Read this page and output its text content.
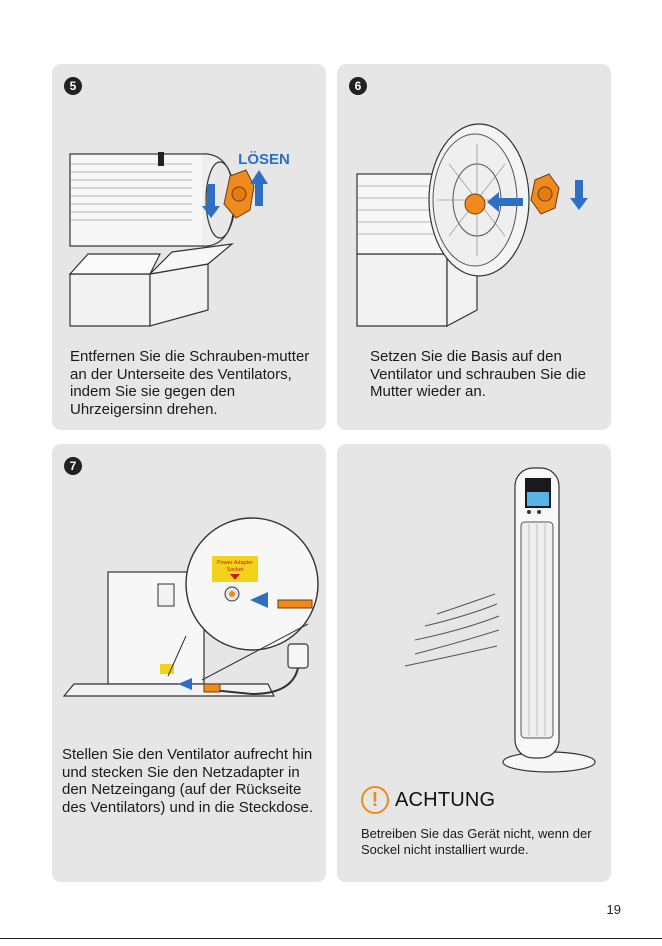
5
LÖSEN
Entfernen Sie die Schrauben-mutter an der Unterseite des Ventilators, indem Sie sie gegen den Uhrzeigersinn drehen.
6
Setzen Sie die Basis auf den Ventilator und schrauben Sie die Mutter wieder an.
7
Power Adapter
Socket
Stellen Sie den Ventilator aufrecht hin und stecken Sie den Netzadapter in den Netzeingang (auf der Rückseite des Ventilators) und in die Steckdose.	! ACHTUNG
Betreiben Sie das Gerät nicht, wenn der Sockel nicht installiert wurde.
19
